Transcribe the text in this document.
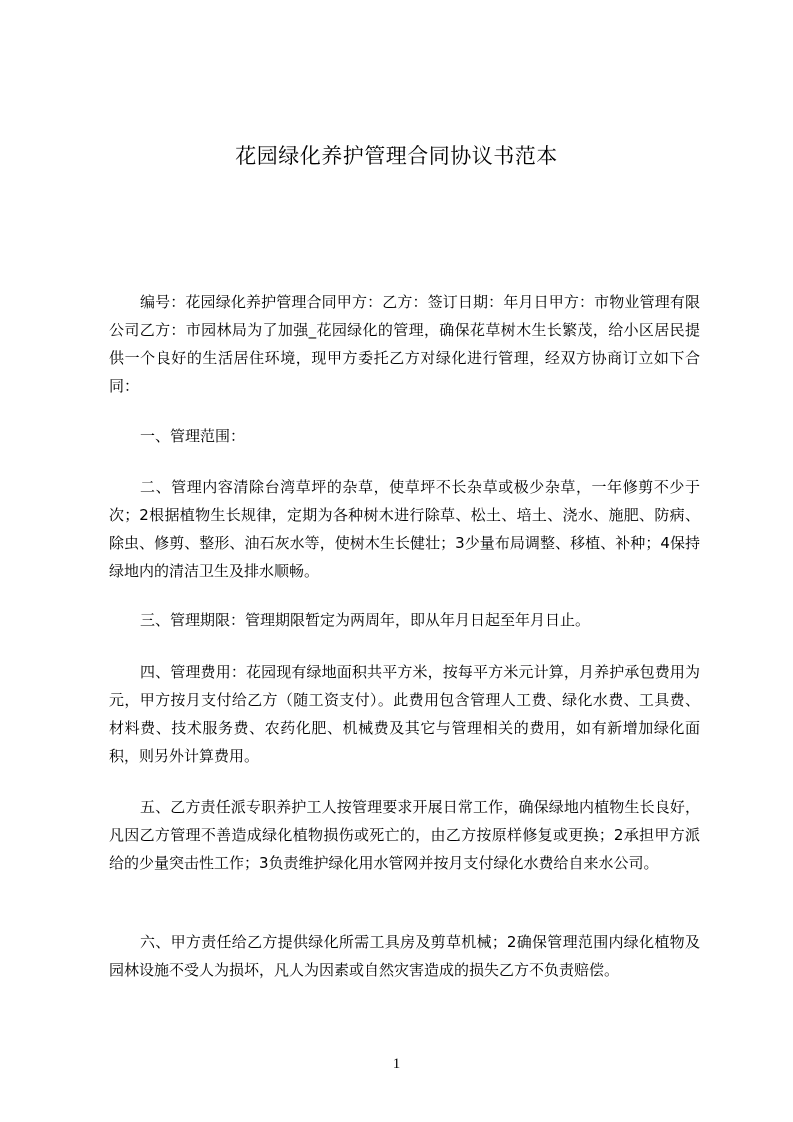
花园绿化养护管理合同协议书范本

编号：花园绿化养护管理合同甲方：乙方：签订日期：年月日甲方：市物业管理有限公司乙方：市园林局为了加强_花园绿化的管理，确保花草树木生长繁茂，给小区居民提供一个良好的生活居住环境，现甲方委托乙方对绿化进行管理，经双方协商订立如下合同：

一、管理范围：

二、管理内容清除台湾草坪的杂草，使草坪不长杂草或极少杂草，一年修剪不少于次；2根据植物生长规律，定期为各种树木进行除草、松土、培土、浇水、施肥、防病、除虫、修剪、整形、油石灰水等，使树木生长健壮；3少量布局调整、移植、补种；4保持绿地内的清洁卫生及排水顺畅。

三、管理期限：管理期限暂定为两周年，即从年月日起至年月日止。

四、管理费用：花园现有绿地面积共平方米，按每平方米元计算，月养护承包费用为元，甲方按月支付给乙方（随工资支付）。此费用包含管理人工费、绿化水费、工具费、材料费、技术服务费、农药化肥、机械费及其它与管理相关的费用，如有新增加绿化面积，则另外计算费用。

五、乙方责任派专职养护工人按管理要求开展日常工作，确保绿地内植物生长良好，凡因乙方管理不善造成绿化植物损伤或死亡的，由乙方按原样修复或更换；2承担甲方派给的少量突击性工作；3负责维护绿化用水管网并按月支付绿化水费给自来水公司。

六、甲方责任给乙方提供绿化所需工具房及剪草机械；2确保管理范围内绿化植物及园林设施不受人为损坏，凡人为因素或自然灾害造成的损失乙方不负责赔偿。

1
